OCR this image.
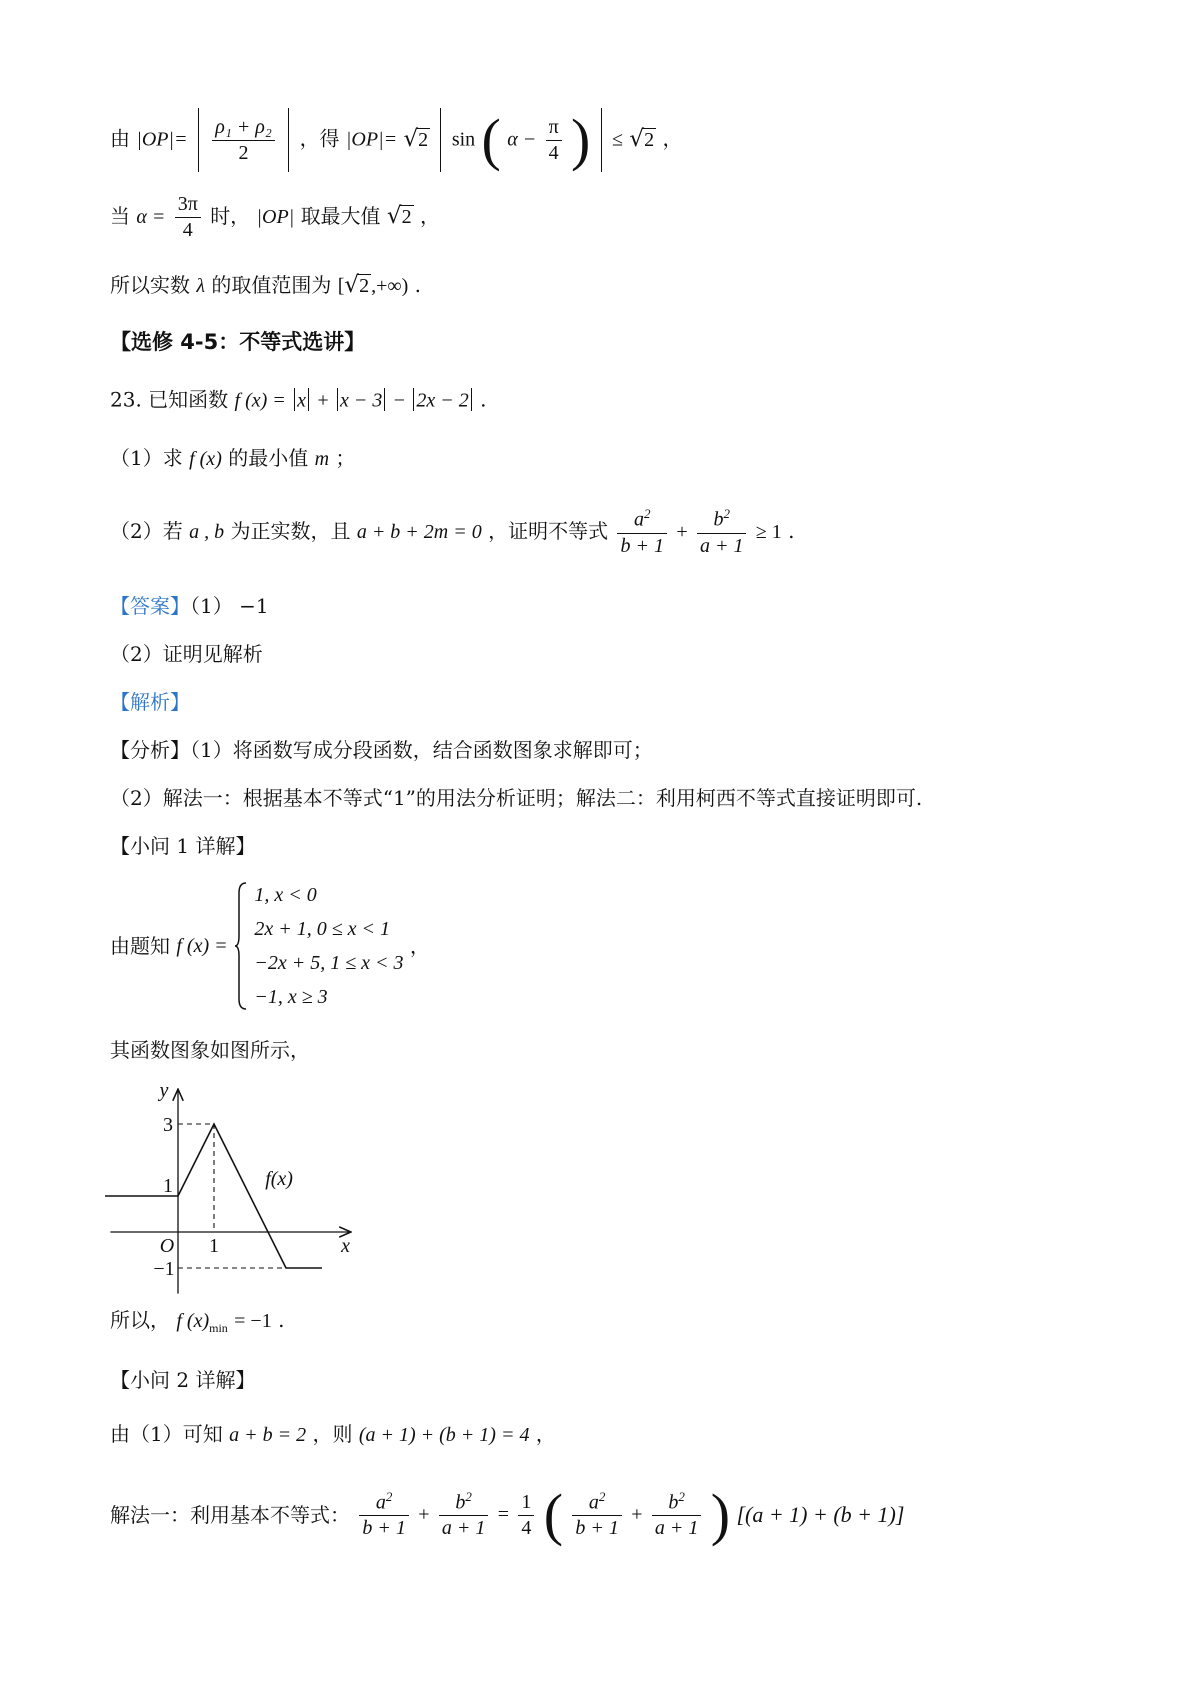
由 $|OP|= \frac{\text{ρ₁ + ρ₂}}{2}$ ，得 |OP|= √2 sin ( $\alpha - \frac{\pi}{4}$ ) ≤ √2 ，
当 $\alpha = \frac{3\pi}{4}$ 时， |OP| 取最大值 √2 ，
所以实数 λ 的取值范围为 [√2 ,+∞) .
【选修 4-5：不等式选讲】
23. 已知函数 f (x) = x + x − 3 − 2x − 2 .
（1）求 f (x) 的最小值 m ；
（2）若 a , b 为正实数，且 a + b + 2m = 0 ，证明不等式 $\frac{a^2}{b + 1} + \frac{b^2}{a + 1} \ge 1$ .
【答案】（1） −1
（2）证明见解析
【解析】
【分析】（1）将函数写成分段函数，结合函数图象求解即可；
（2）解法一：根据基本不等式“1”的用法分析证明；解法二：利用柯西不等式直接证明即可.
【小问 1 详解】
由题知 f (x) =
1, x < 0
2x + 1, 0 ≤ x < 1
−2x + 5, 1 ≤ x < 3
−1, x ≥ 3
，
其函数图象如图所示，
3
1
−1
O 1	x
y
f(x)
所以， f $(x)_{min} = -1$ .
【小问 2 详解】
由（1）可知 a + b = 2 ，则 (a + 1) + (b + 1) = 4 ，
解法一：利用基本不等式： $\frac{a^2}{b + 1} + \frac{b^2}{a + 1} = \frac{1}{4}$ ( $\frac{a^2}{b + 1} + \frac{b^2}{a + 1}$ ) [(a + 1) + (b + 1)]
